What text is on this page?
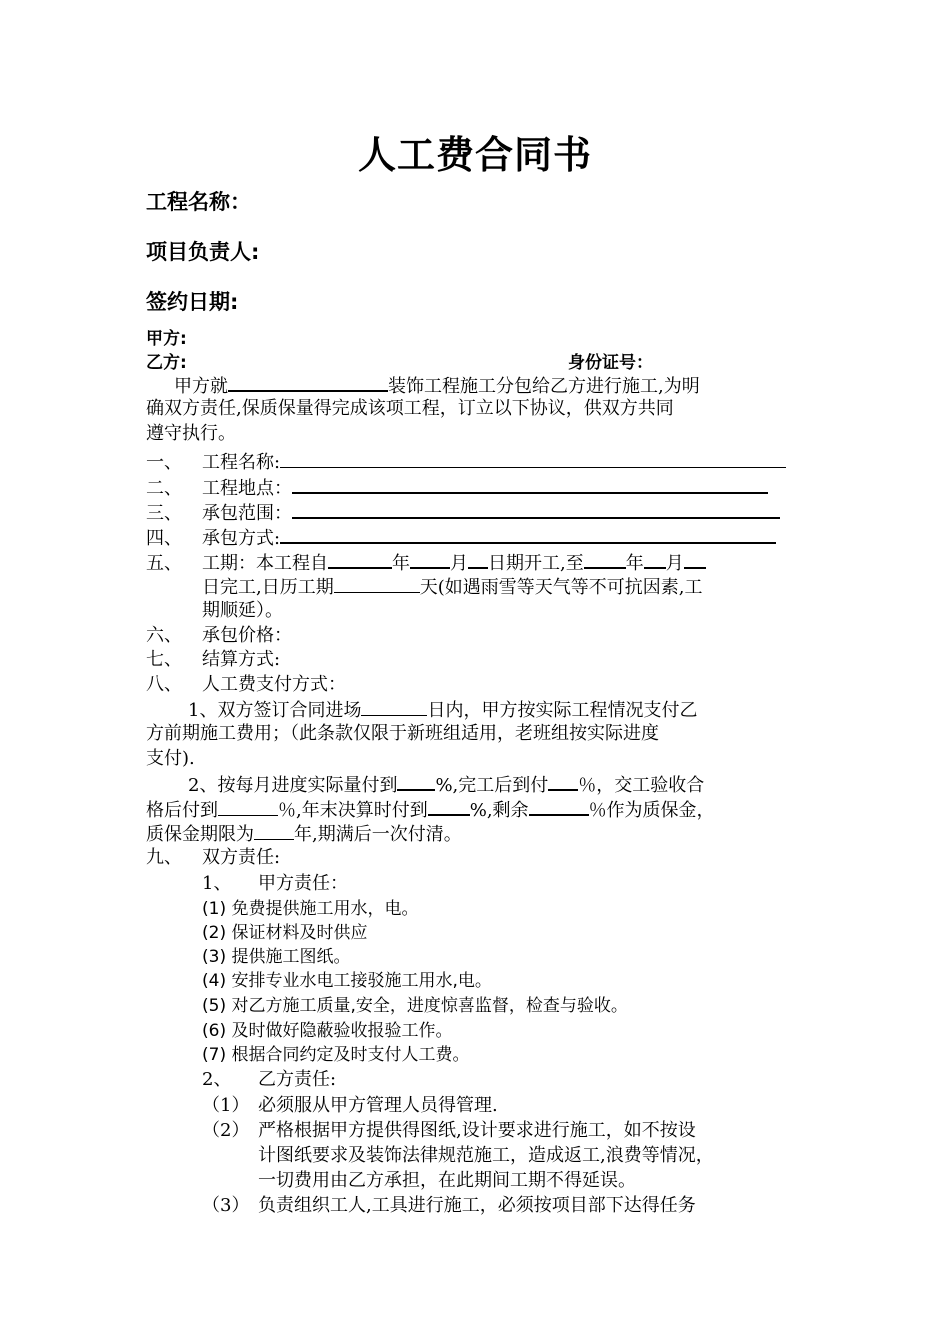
人工费合同书
工程名称：
项目负责人:
签约日期:
甲方:
乙方:	身份证号：
甲方就	装饰工程施工分包给乙方进行施工,为明
确双方责任,保质保量得完成该项工程，订立以下协议，供双方共同
遵守执行。
一、 工程名称:
二、 工程地点：
三、 承包范围：
四、 承包方式:
五、 工期：本工程自	年 月 日期开工,至 年 月
日完工,日历工期	天(如遇雨雪等天气等不可抗因素,工
期顺延）。
六、 承包价格：
七、 结算方式:
八、 人工费支付方式：
1、双方签订合同进场	日内，甲方按实际工程情况支付乙
方前期施工费用；（此条款仅限于新班组适用，老班组按实际进度
支付).
2、按每月进度实际量付到 %,完工后到付 ％，交工验收合
格后付到	％,年末决算时付到 %,剩余	％作为质保金，
质保金期限为 年,期满后一次付清。
九、 双方责任:
1、 甲方责任：
(1) 免费提供施工用水，电。
(2) 保证材料及时供应
(3) 提供施工图纸。
(4) 安排专业水电工接驳施工用水,电。
(5) 对乙方施工质量,安全，进度惊喜监督，检查与验收。
(6) 及时做好隐蔽验收报验工作。
(7) 根据合同约定及时支付人工费。
2、 乙方责任:
（1） 必须服从甲方管理人员得管理.
（2） 严格根据甲方提供得图纸,设计要求进行施工，如不按设
计图纸要求及装饰法律规范施工，造成返工,浪费等情况，
一切费用由乙方承担，在此期间工期不得延误。
（3） 负责组织工人,工具进行施工，必须按项目部下达得任务
